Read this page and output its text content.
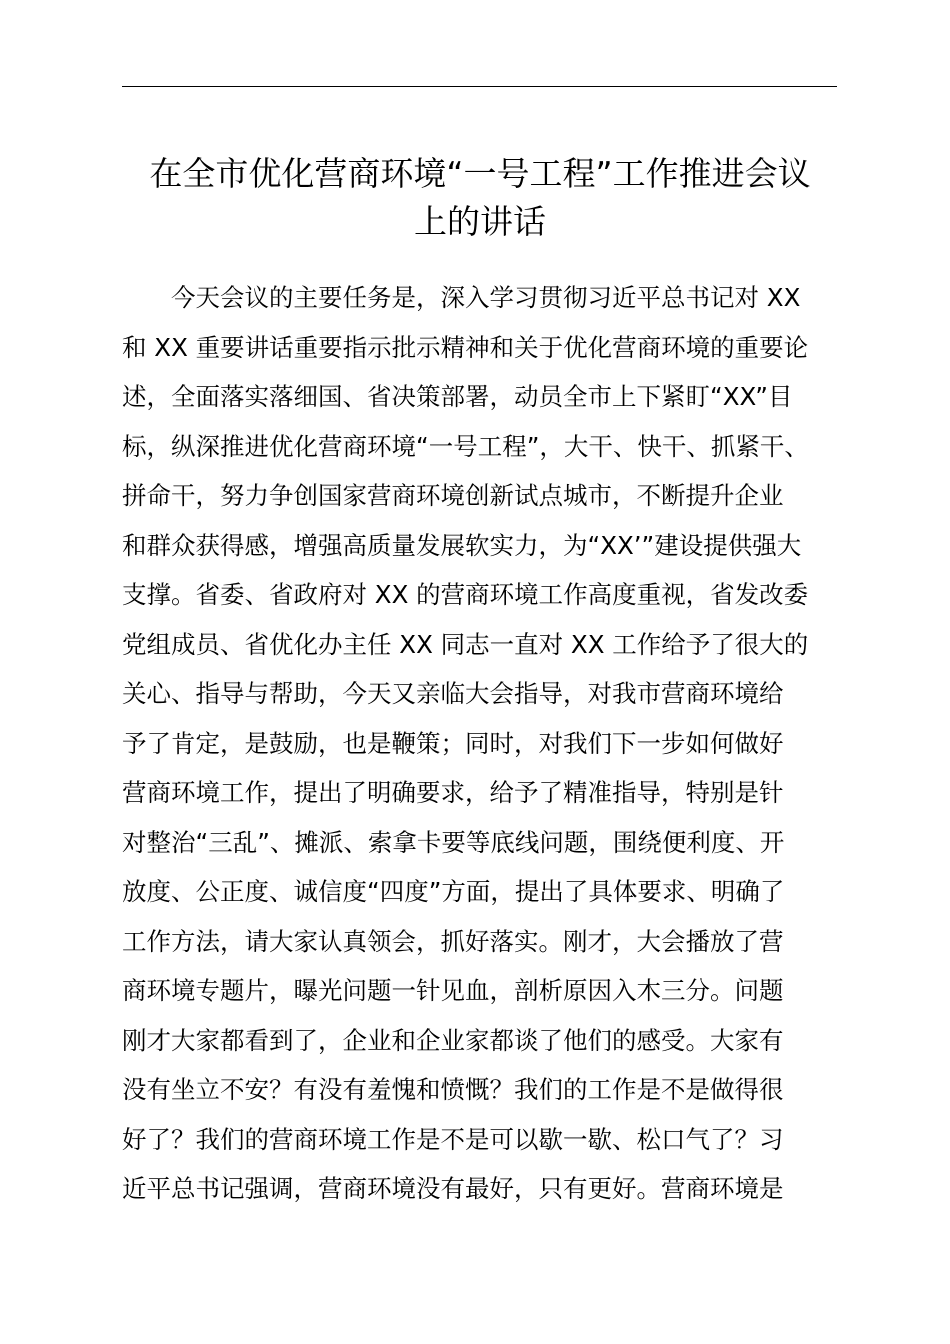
在全市优化营商环境“一号工程”工作推进会议
上的讲话
今天会议的主要任务是，深入学习贯彻习近平总书记对 XX
和 XX 重要讲话重要指示批示精神和关于优化营商环境的重要论
述，全面落实落细国、省决策部署，动员全市上下紧盯“XX”目
标，纵深推进优化营商环境“一号工程”，大干、快干、抓紧干、
拼命干，努力争创国家营商环境创新试点城市，不断提升企业
和群众获得感，增强高质量发展软实力，为“XX’”建设提供强大
支撑。省委、省政府对 XX 的营商环境工作高度重视，省发改委
党组成员、省优化办主任 XX 同志一直对 XX 工作给予了很大的
关心、指导与帮助，今天又亲临大会指导，对我市营商环境给
予了肯定，是鼓励，也是鞭策；同时，对我们下一步如何做好
营商环境工作，提出了明确要求，给予了精准指导，特别是针
对整治“三乱”、摊派、索拿卡要等底线问题，围绕便利度、开
放度、公正度、诚信度“四度”方面，提出了具体要求、明确了
工作方法，请大家认真领会，抓好落实。刚才，大会播放了营
商环境专题片，曝光问题一针见血，剖析原因入木三分。问题
刚才大家都看到了，企业和企业家都谈了他们的感受。大家有
没有坐立不安？有没有羞愧和愤慨？我们的工作是不是做得很
好了？我们的营商环境工作是不是可以歇一歇、松口气了？习
近平总书记强调，营商环境没有最好，只有更好。营商环境是
